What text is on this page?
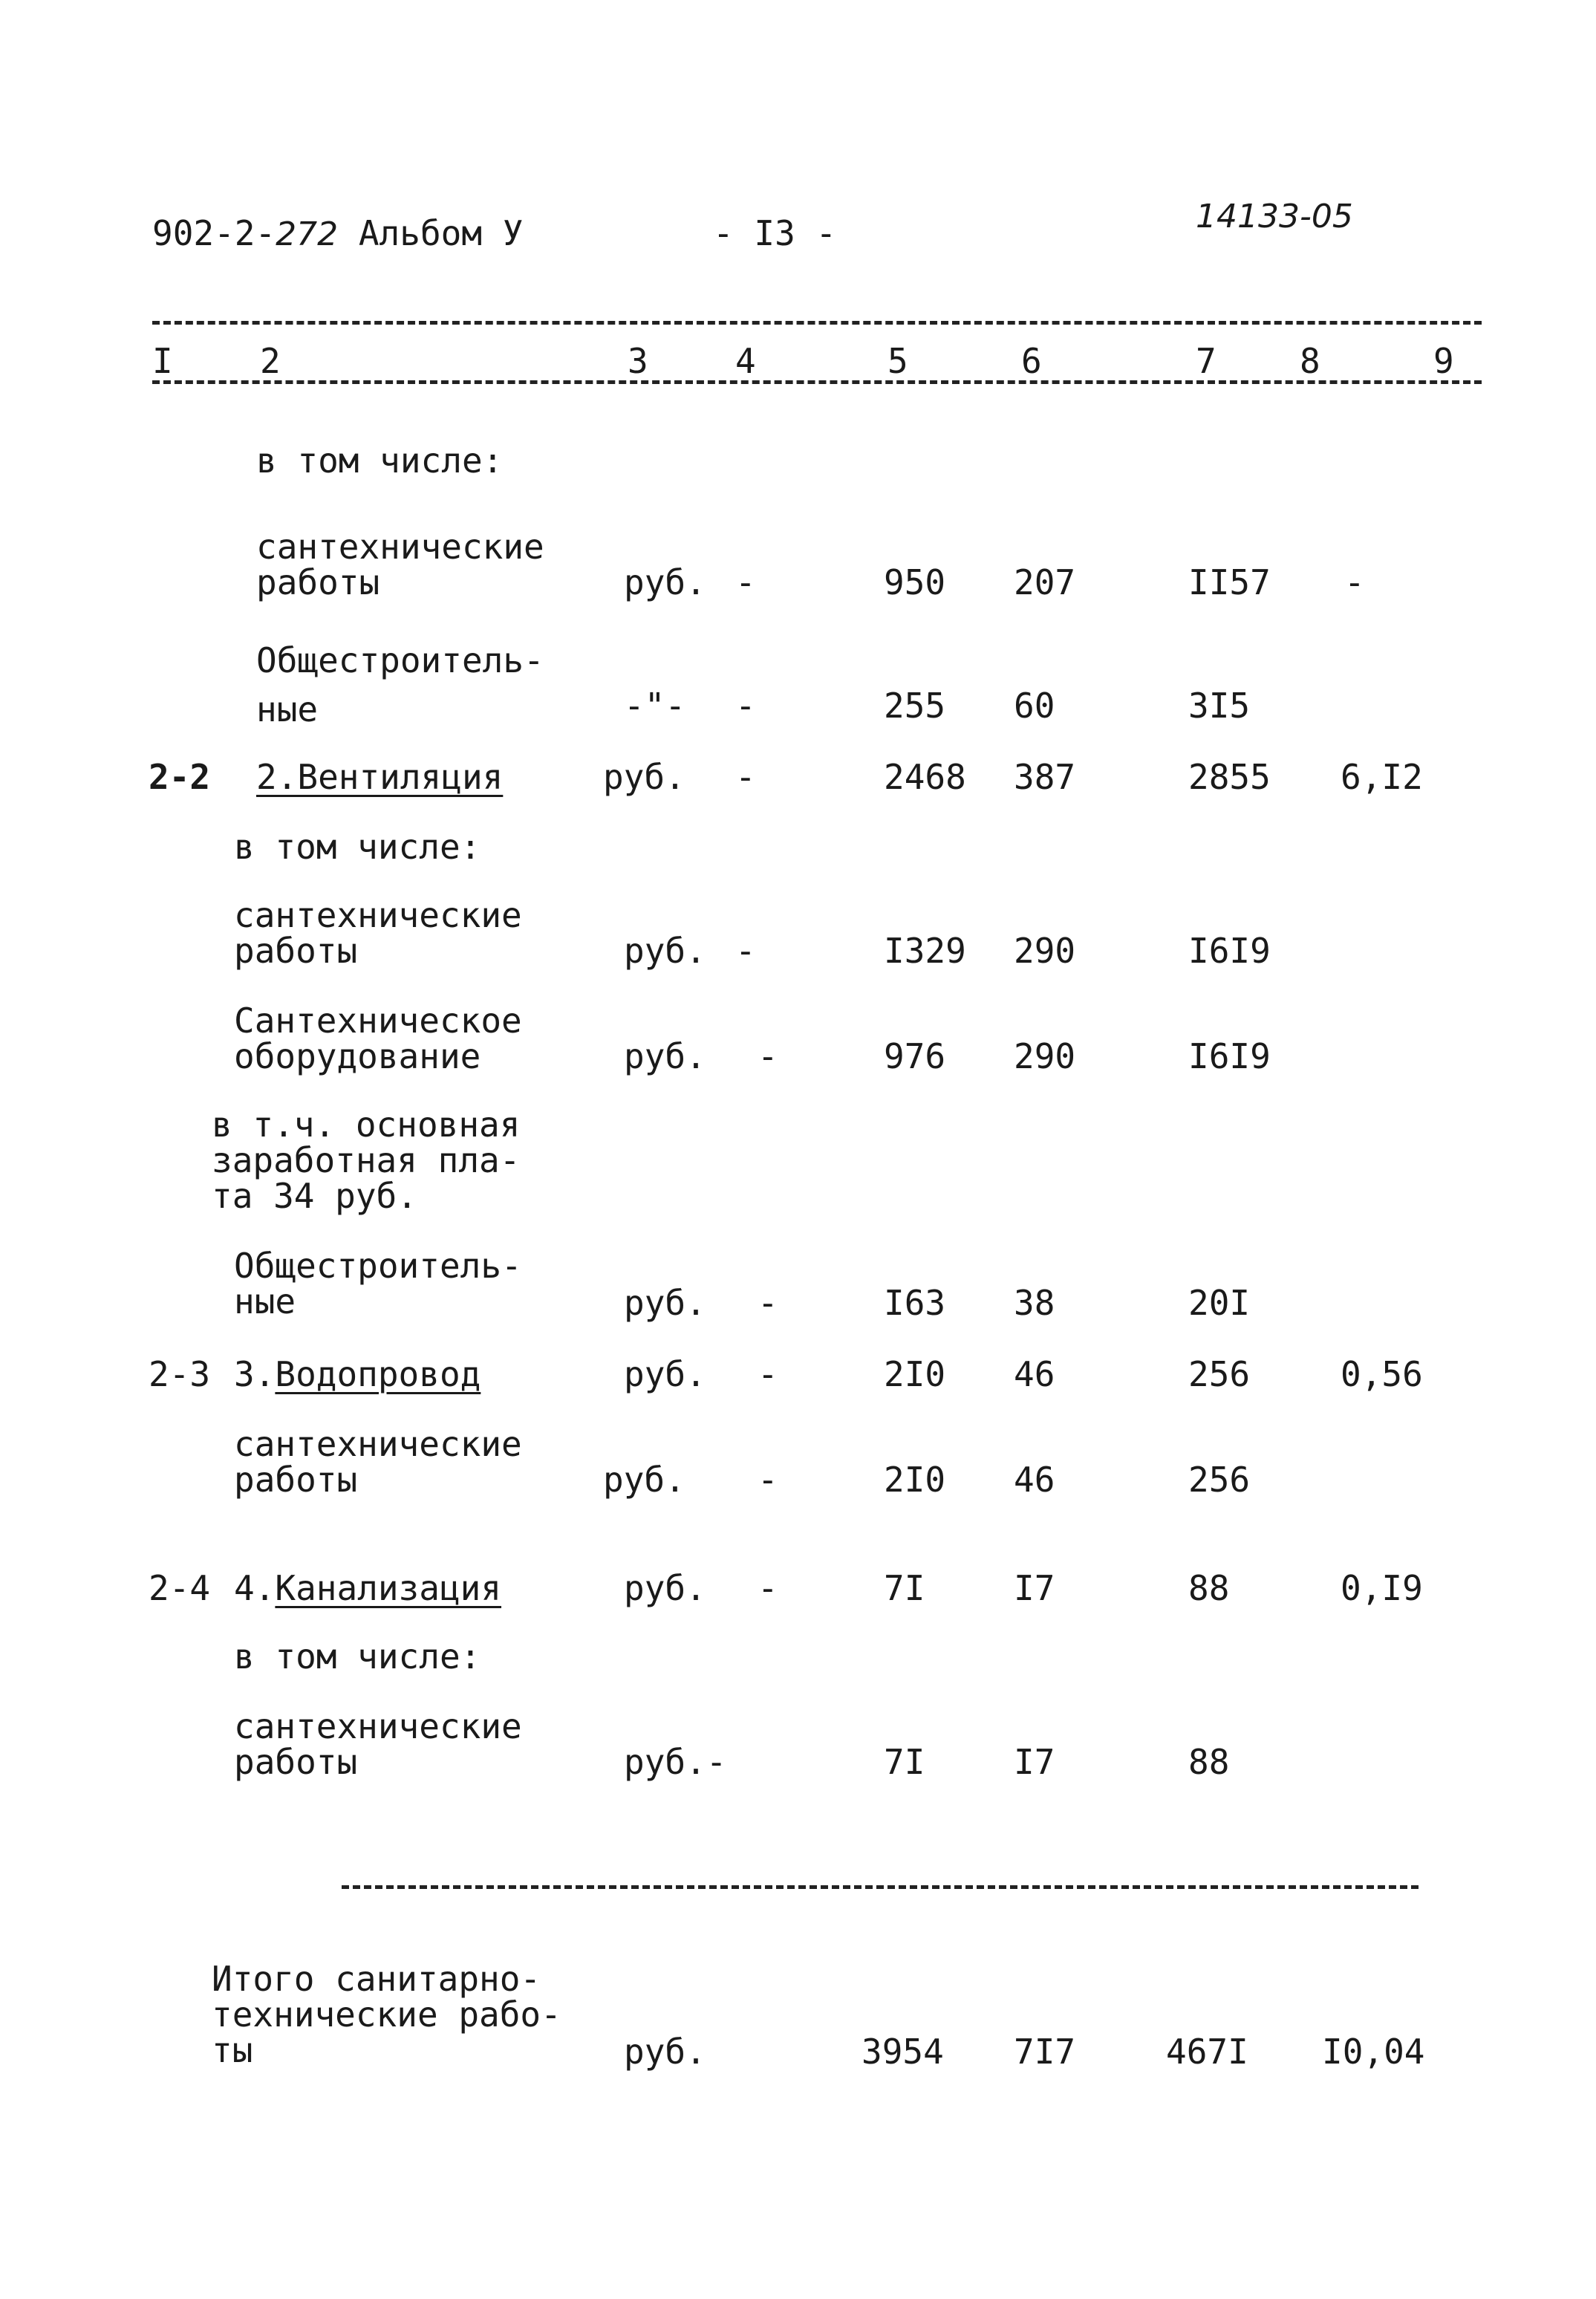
902-2-272 Альбом У	- I3 -	14133-05
I	2	3	4	5	6	7 8	9
в том числе:
сантехнические
работы	руб. -	950 207	II57 -
Общестроитель-
ные	-"- -	255 60	3I5
2-2 2.Вентиляция	руб. -	2468 387	2855 6,I2
в том числе:
сантехнические
работы	руб. -	I329 290	I6I9
Сантехническое
оборудование	руб. -	976 290	I6I9
в т.ч. основная
заработная пла-
та 34 руб.
Общестроитель-
ные	руб. -	I63 38	20I
2-3 3.Водопровод	руб. -	2I0 46	256	0,56
сантехнические
работы	руб. -	2I0 46	256
2-4 4.Канализация	руб. -	7I	I7	88	0,I9
в том числе:
сантехнические
работы	руб.-	7I	I7	88
Итого санитарно-
технические рабо-
ты	руб.	3954 7I7	467I I0,04
